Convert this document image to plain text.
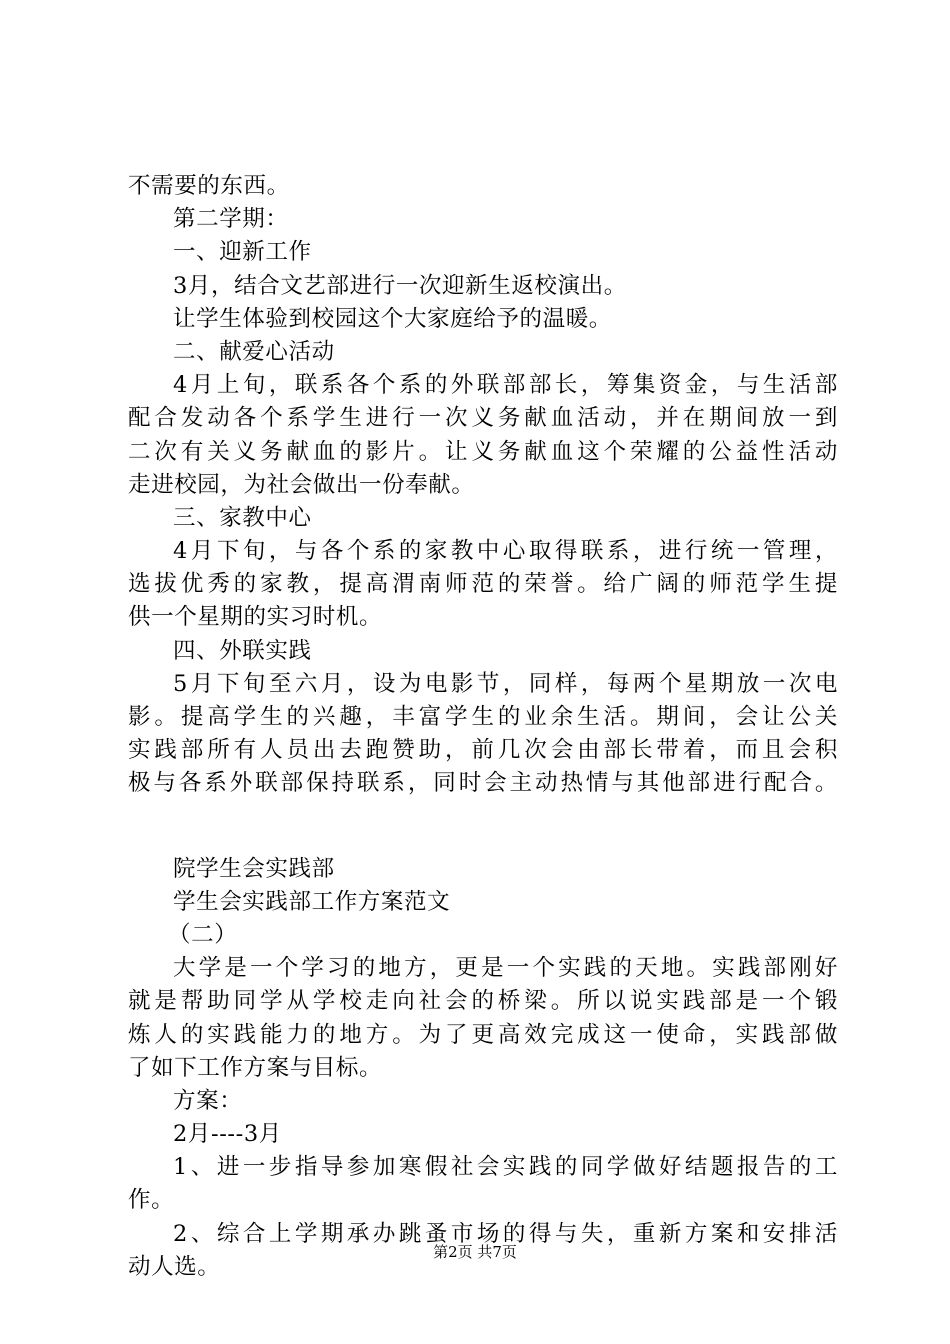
不需要的东西。
第二学期：
一、迎新工作
3月，结合文艺部进行一次迎新生返校演出。
让学生体验到校园这个大家庭给予的温暖。
二、献爱心活动
4月上旬，联系各个系的外联部部长，筹集资金，与生活部
配合发动各个系学生进行一次义务献血活动，并在期间放一到
二次有关义务献血的影片。让义务献血这个荣耀的公益性活动
走进校园，为社会做出一份奉献。
三、家教中心
4月下旬，与各个系的家教中心取得联系，进行统一管理，
选拔优秀的家教，提高渭南师范的荣誉。给广阔的师范学生提
供一个星期的实习时机。
四、外联实践
5月下旬至六月，设为电影节，同样，每两个星期放一次电
影。提高学生的兴趣，丰富学生的业余生活。期间，会让公关
实践部所有人员出去跑赞助，前几次会由部长带着，而且会积
极与各系外联部保持联系，同时会主动热情与其他部进行配合。
院学生会实践部
学生会实践部工作方案范文
（二）
大学是一个学习的地方，更是一个实践的天地。实践部刚好
就是帮助同学从学校走向社会的桥梁。所以说实践部是一个锻
炼人的实践能力的地方。为了更高效完成这一使命，实践部做
了如下工作方案与目标。
方案：
2月----3月
1、进一步指导参加寒假社会实践的同学做好结题报告的工
作。
2、综合上学期承办跳蚤市场的得与失，重新方案和安排活
动人选。
第2页 共7页
